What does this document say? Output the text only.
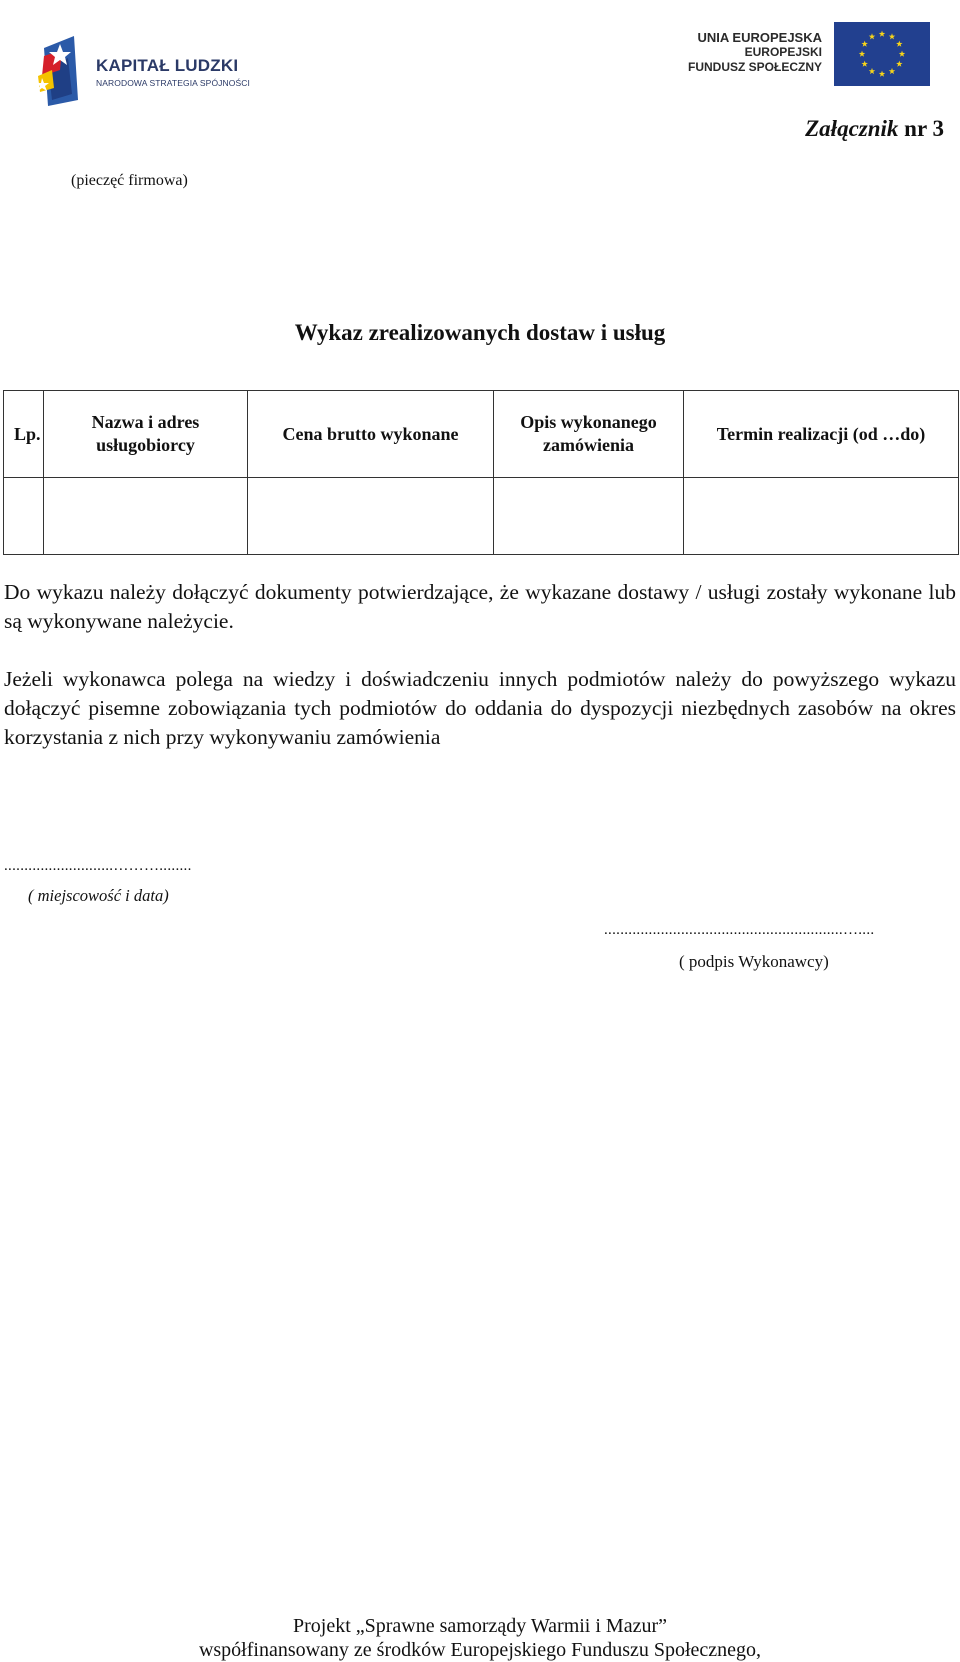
KAPITAŁ LUDZKI
NARODOWA STRATEGIA SPÓJNOŚCI
UNIA EUROPEJSKA
EUROPEJSKI
FUNDUSZ SPOŁECZNY
Załącznik nr 3
(pieczęć firmowa)
Wykaz zrealizowanych dostaw i usług
Lp.	Nazwa i adres usługobiorcy	Cena brutto wykonane	Opis wykonanego zamówienia	Termin realizacji (od …do)

Do wykazu należy dołączyć dokumenty potwierdzające, że wykazane dostawy / usługi zostały wykonane lub są wykonywane należycie.
Jeżeli wykonawca polega na wiedzy i doświadczeniu innych podmiotów należy do powyższego wykazu dołączyć pisemne zobowiązania tych podmiotów do oddania do dyspozycji niezbędnych zasobów na okres korzystania z nich przy wykonywaniu zamówienia
...........................………........
( miejscowość i data)
...........................................................…....
( podpis Wykonawcy)
Projekt „Sprawne samorządy Warmii i Mazur”
współfinansowany ze środków Europejskiego Funduszu Społecznego,
